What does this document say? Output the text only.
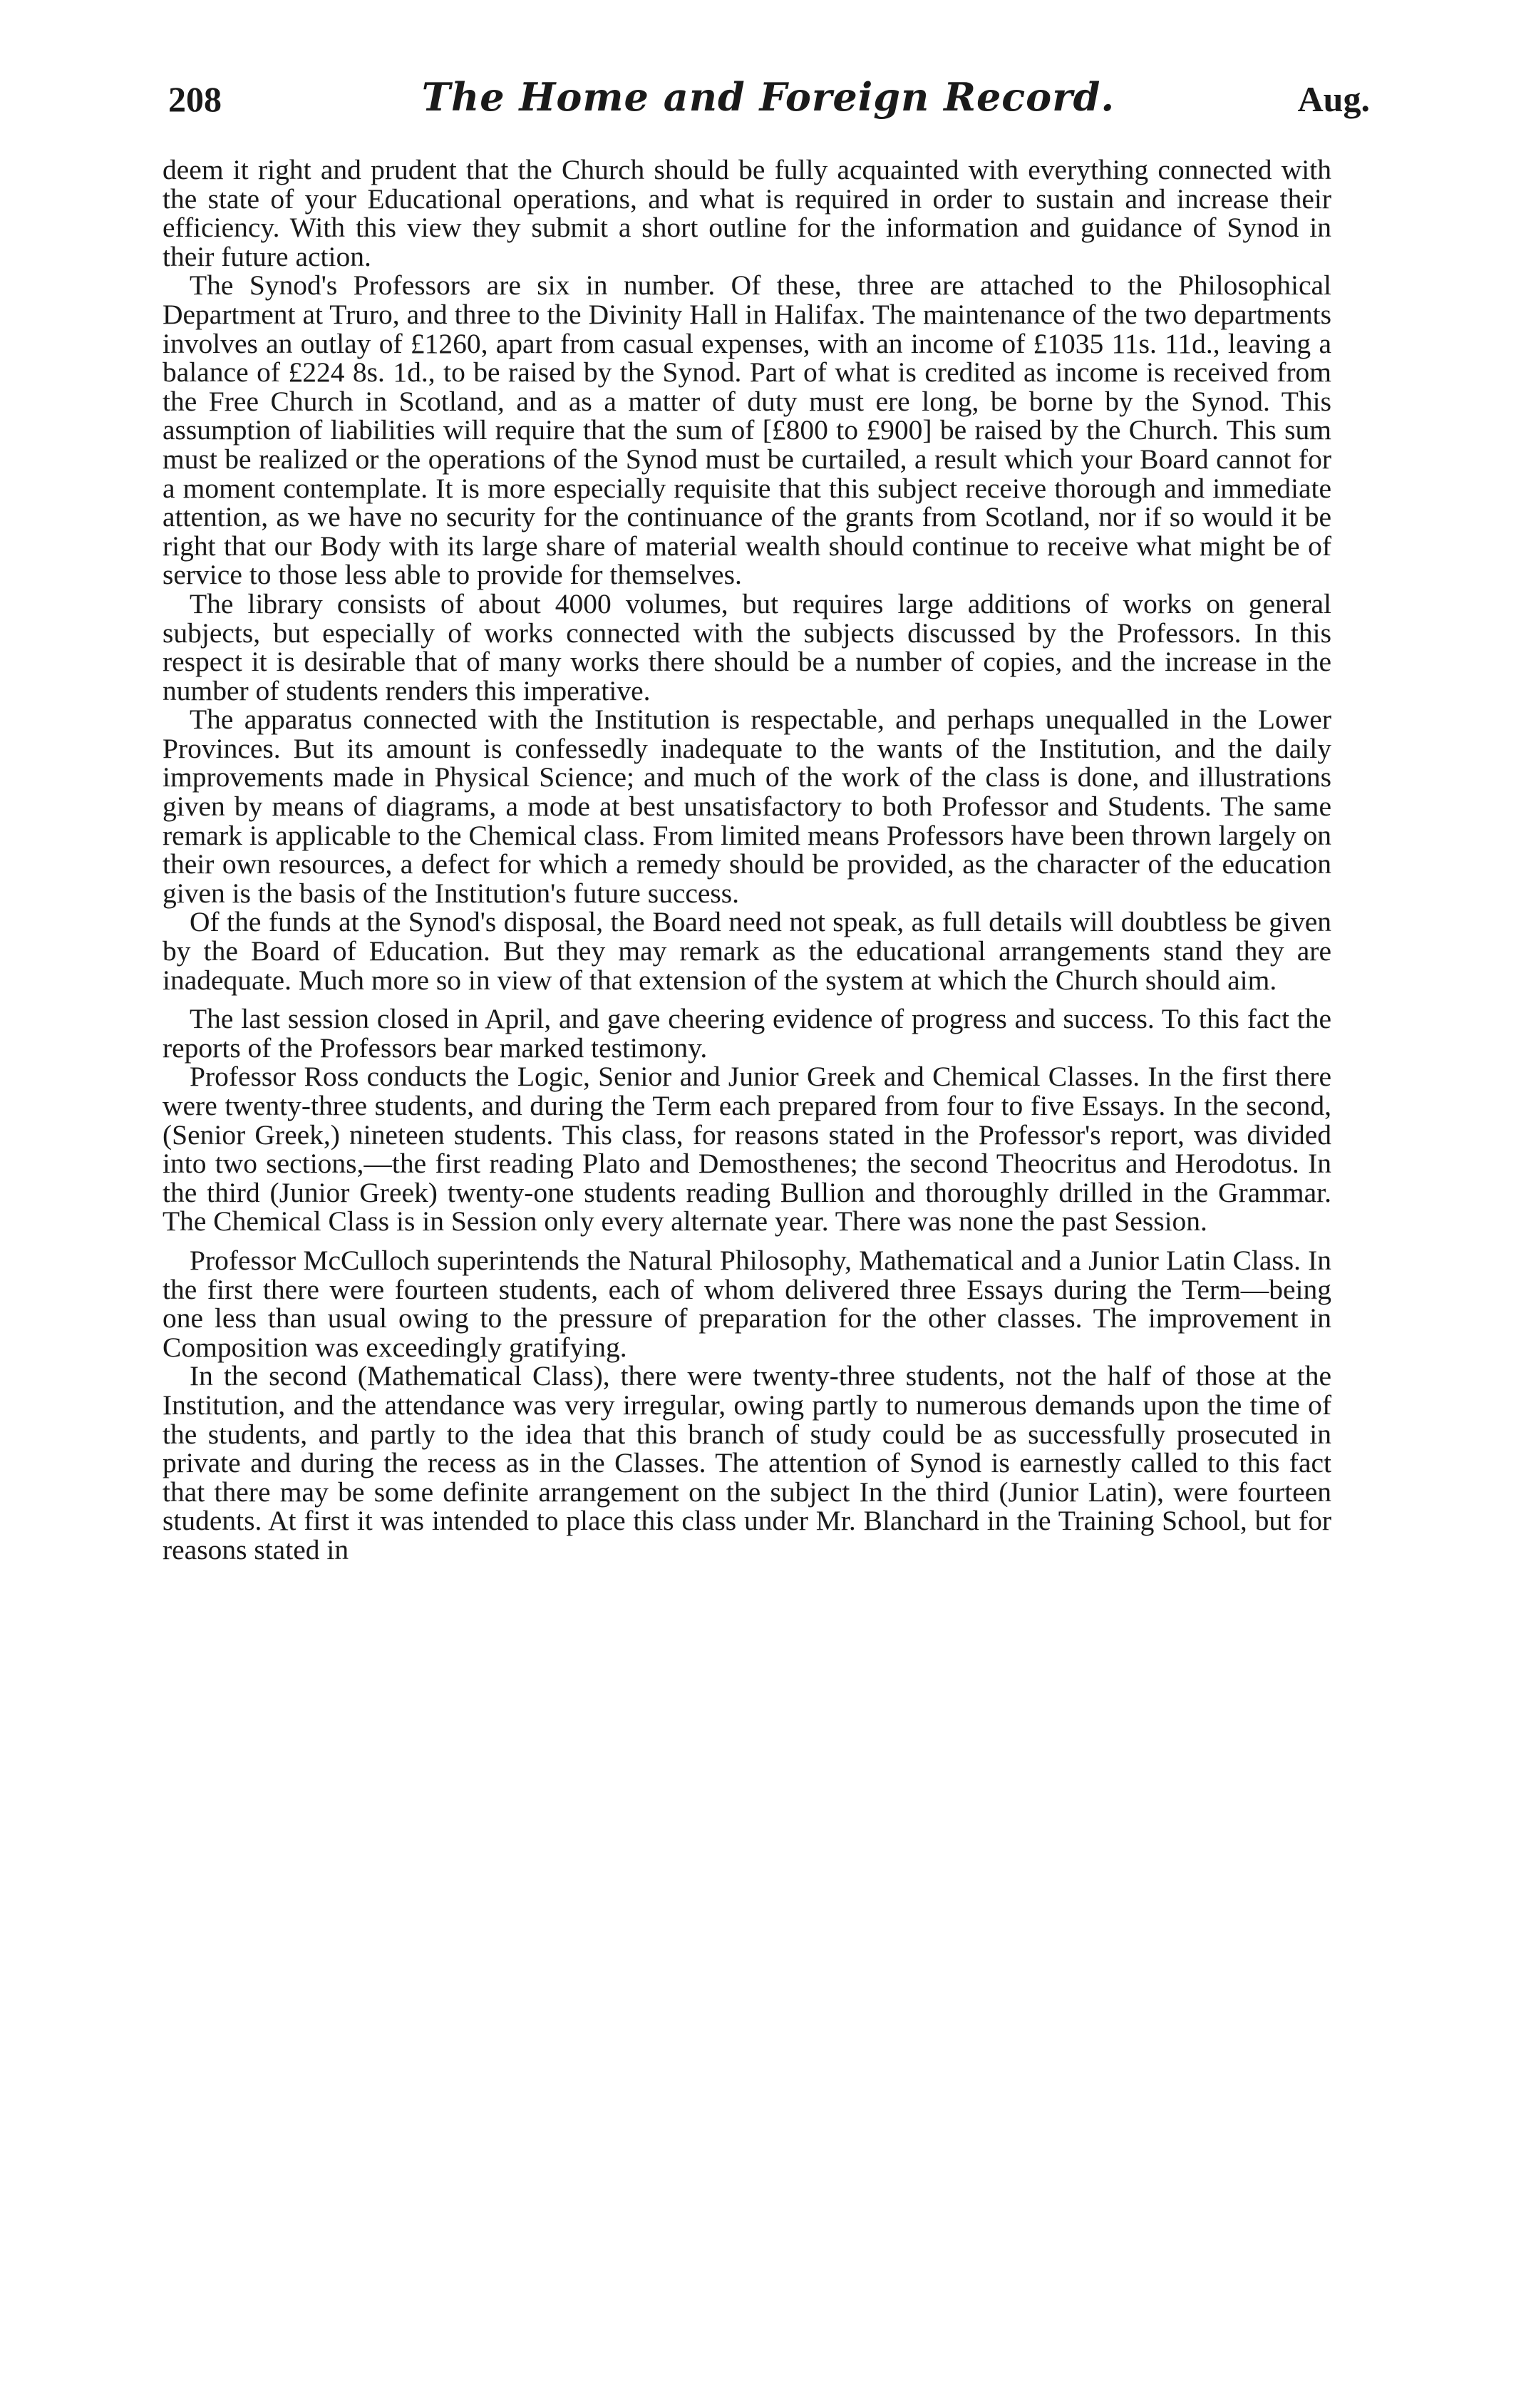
208	The Home and Foreign Record.	Aug.

deem it right and prudent that the Church should be fully acquainted with everything connected with the state of your Educational operations, and what is required in order to sustain and increase their efficiency. With this view they submit a short outline for the information and guidance of Synod in their future action.

The Synod's Professors are six in number. Of these, three are attached to the Philosophical Department at Truro, and three to the Divinity Hall in Halifax. The maintenance of the two departments involves an outlay of £1260, apart from casual expenses, with an income of £1035 11s. 11d., leaving a balance of £224 8s. 1d., to be raised by the Synod. Part of what is credited as income is received from the Free Church in Scotland, and as a matter of duty must ere long, be borne by the Synod. This assumption of liabilities will require that the sum of [£800 to £900] be raised by the Church. This sum must be realized or the operations of the Synod must be curtailed, a result which your Board cannot for a moment contemplate. It is more especially requisite that this subject receive thorough and immediate attention, as we have no security for the continuance of the grants from Scotland, nor if so would it be right that our Body with its large share of material wealth should continue to receive what might be of service to those less able to provide for themselves.

The library consists of about 4000 volumes, but requires large additions of works on general subjects, but especially of works connected with the subjects discussed by the Professors. In this respect it is desirable that of many works there should be a number of copies, and the increase in the number of students renders this imperative.

The apparatus connected with the Institution is respectable, and perhaps unequalled in the Lower Provinces. But its amount is confessedly inadequate to the wants of the Institution, and the daily improvements made in Physical Science; and much of the work of the class is done, and illustrations given by means of diagrams, a mode at best unsatisfactory to both Professor and Students. The same remark is applicable to the Chemical class. From limited means Professors have been thrown largely on their own resources, a defect for which a remedy should be provided, as the character of the education given is the basis of the Institution's future success.

Of the funds at the Synod's disposal, the Board need not speak, as full details will doubtless be given by the Board of Education. But they may remark as the educational arrangements stand they are inadequate. Much more so in view of that extension of the system at which the Church should aim.

The last session closed in April, and gave cheering evidence of progress and success. To this fact the reports of the Professors bear marked testimony.

Professor Ross conducts the Logic, Senior and Junior Greek and Chemical Classes. In the first there were twenty-three students, and during the Term each prepared from four to five Essays. In the second, (Senior Greek,) nineteen students. This class, for reasons stated in the Professor's report, was divided into two sections,—the first reading Plato and Demosthenes; the second Theocritus and Herodotus. In the third (Junior Greek) twenty-one students reading Bullion and thoroughly drilled in the Grammar. The Chemical Class is in Session only every alternate year. There was none the past Session.

Professor McCulloch superintends the Natural Philosophy, Mathematical and a Junior Latin Class. In the first there were fourteen students, each of whom delivered three Essays during the Term—being one less than usual owing to the pressure of preparation for the other classes. The improvement in Composition was exceedingly gratifying.

In the second (Mathematical Class), there were twenty-three students, not the half of those at the Institution, and the attendance was very irregular, owing partly to numerous demands upon the time of the students, and partly to the idea that this branch of study could be as successfully prosecuted in private and during the recess as in the Classes. The attention of Synod is earnestly called to this fact that there may be some definite arrangement on the subject In the third (Junior Latin), were fourteen students. At first it was intended to place this class under Mr. Blanchard in the Training School, but for reasons stated in
